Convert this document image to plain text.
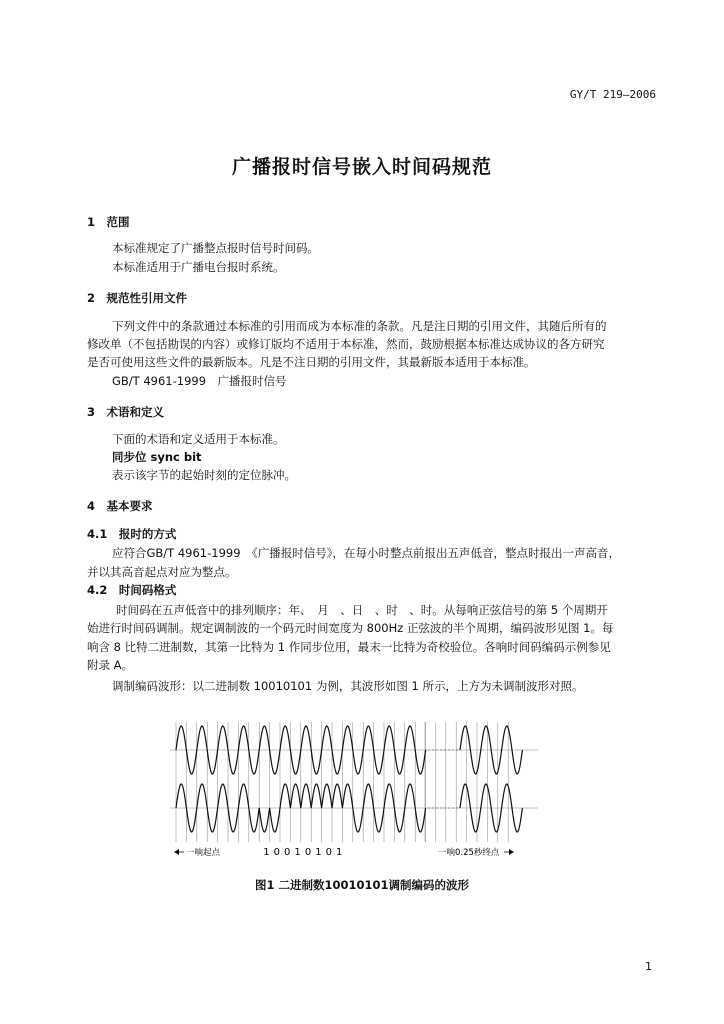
GY/T 219—2006
广播报时信号嵌入时间码规范
1　范围
本标准规定了广播整点报时信号时间码。
本标准适用于广播电台报时系统。
2　规范性引用文件
下列文件中的条款通过本标准的引用而成为本标准的条款。凡是注日期的引用文件，其随后所有的
修改单（不包括勘误的内容）或修订版均不适用于本标准，然而，鼓励根据本标准达成协议的各方研究
是否可使用这些文件的最新版本。凡是不注日期的引用文件，其最新版本适用于本标准。
GB/T 4961-1999　广播报时信号
3　术语和定义
下面的术语和定义适用于本标准。
同步位 sync bit
表示该字节的起始时刻的定位脉冲。
4　基本要求
4.1　报时的方式
应符合GB/T 4961-1999　《广播报时信号》，在每小时整点前报出五声低音，整点时报出一声高音，
并以其高音起点对应为整点。
4.2　时间码格式
时间码在五声低音中的排列顺序：年、　月　、日　、时　、时。从每响正弦信号的第 5 个周期开
始进行时间码调制。规定调制波的一个码元时间宽度为 800Hz 正弦波的半个周期，编码波形见图 1。每
响含 8 比特二进制数，其第一比特为 1 作同步位用，最末一比特为奇校验位。各响时间码编码示例参见
附录 A。
调制编码波形：以二进制数 10010101 为例，其波形如图 1 所示，上方为未调制波形对照。
一响起点	一响0.25秒终点
1 0 0 1 0 1 0 1
图1 二进制数10010101调制编码的波形
1
